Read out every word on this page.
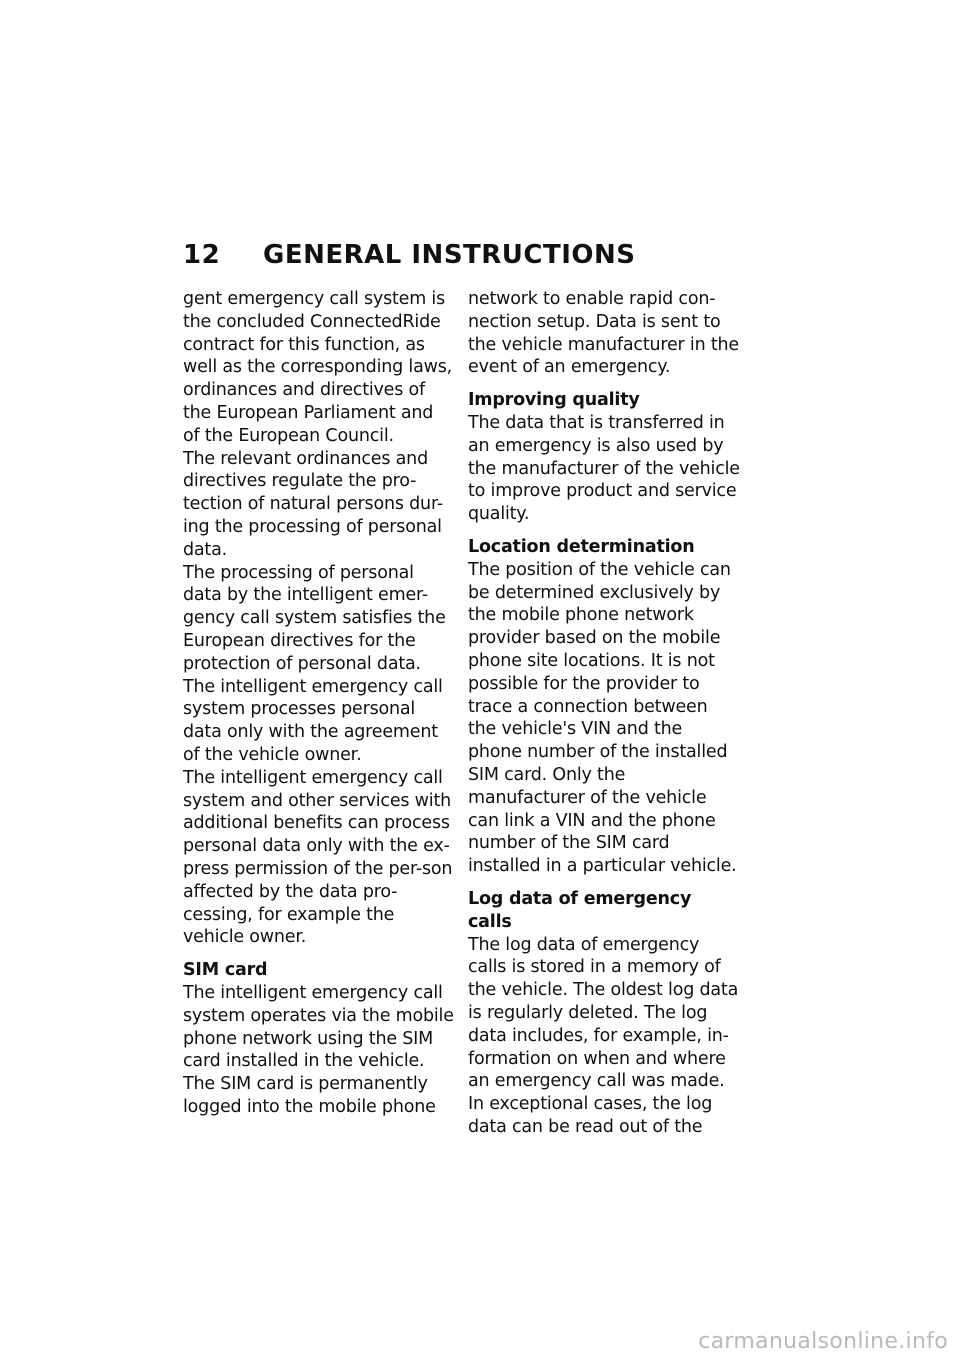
12	GENERAL INSTRUCTIONS

gent emergency call system is the concluded ConnectedRide contract for this function, as well as the corresponding laws, ordinances and directives of the European Parliament and of the European Council.

The relevant ordinances and directives regulate the pro-tection of natural persons dur-ing the processing of personal data.

The processing of personal data by the intelligent emer-gency call system satisfies the European directives for the protection of personal data.

The intelligent emergency call system processes personal data only with the agreement of the vehicle owner.

The intelligent emergency call system and other services with additional benefits can process personal data only with the ex-press permission of the per-son affected by the data pro-cessing, for example the vehicle owner.

SIM card

The intelligent emergency call system operates via the mobile phone network using the SIM card installed in the vehicle.

The SIM card is permanently logged into the mobile phone

network to enable rapid con-nection setup. Data is sent to the vehicle manufacturer in the event of an emergency.

Improving quality

The data that is transferred in an emergency is also used by the manufacturer of the vehicle to improve product and service quality.

Location determination

The position of the vehicle can be determined exclusively by the mobile phone network provider based on the mobile phone site locations. It is not possible for the provider to trace a connection between the vehicle's VIN and the phone number of the installed SIM card. Only the manufacturer of the vehicle can link a VIN and the phone number of the SIM card installed in a particular vehicle.

Log data of emergency calls

The log data of emergency calls is stored in a memory of the vehicle. The oldest log data is regularly deleted. The log data includes, for example, in-formation on when and where an emergency call was made.

In exceptional cases, the log data can be read out of the

carmanualsonline.info
